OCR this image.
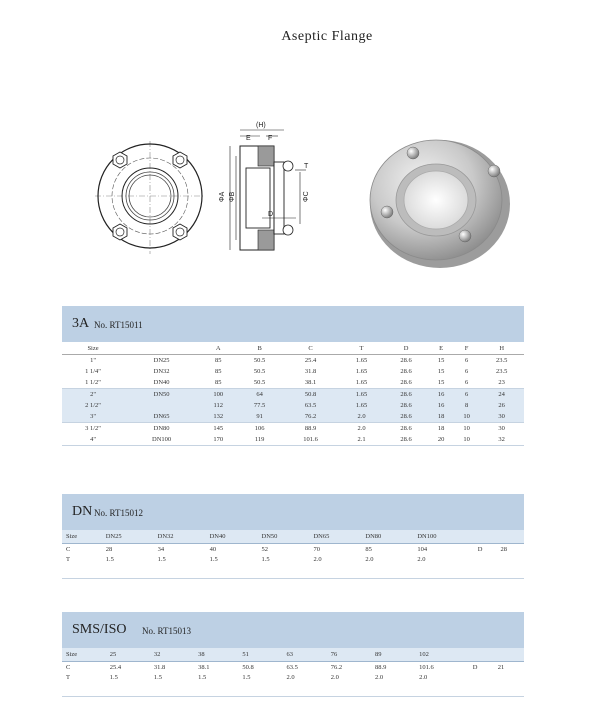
Aseptic Flange
(H)
E F
T
ΦA ΦB	ΦC
D
3A No. RT15011
Size		A	B	C	T	D	E	F	H
1"	DN25	85	50.5	25.4	1.65	28.6	15	6	23.5
1 1/4"	DN32	85	50.5	31.8	1.65	28.6	15	6	23.5
1 1/2"	DN40	85	50.5	38.1	1.65	28.6	15	6	23
2"	DN50	100	64	50.8	1.65	28.6	16	6	24
2 1/2"		112	77.5	63.5	1.65	28.6	16	8	26
3"	DN65	132	91	76.2	2.0	28.6	18	10	30
3 1/2"	DN80	145	106	88.9	2.0	28.6	18	10	30
4"	DN100	170	119	101.6	2.1	28.6	20	10	32
DN No. RT15012
Size	DN25	DN32	DN40	DN50	DN65	DN80	DN100		
C	28	34	40	52	70	85	104	D	28
T	1.5	1.5	1.5	1.5	2.0	2.0	2.0		
SMS/ISO No. RT15013
Size	25	32	38	51	63	76	89	102		
C	25.4	31.8	38.1	50.8	63.5	76.2	88.9	101.6	D	21
T	1.5	1.5	1.5	1.5	2.0	2.0	2.0	2.0		
